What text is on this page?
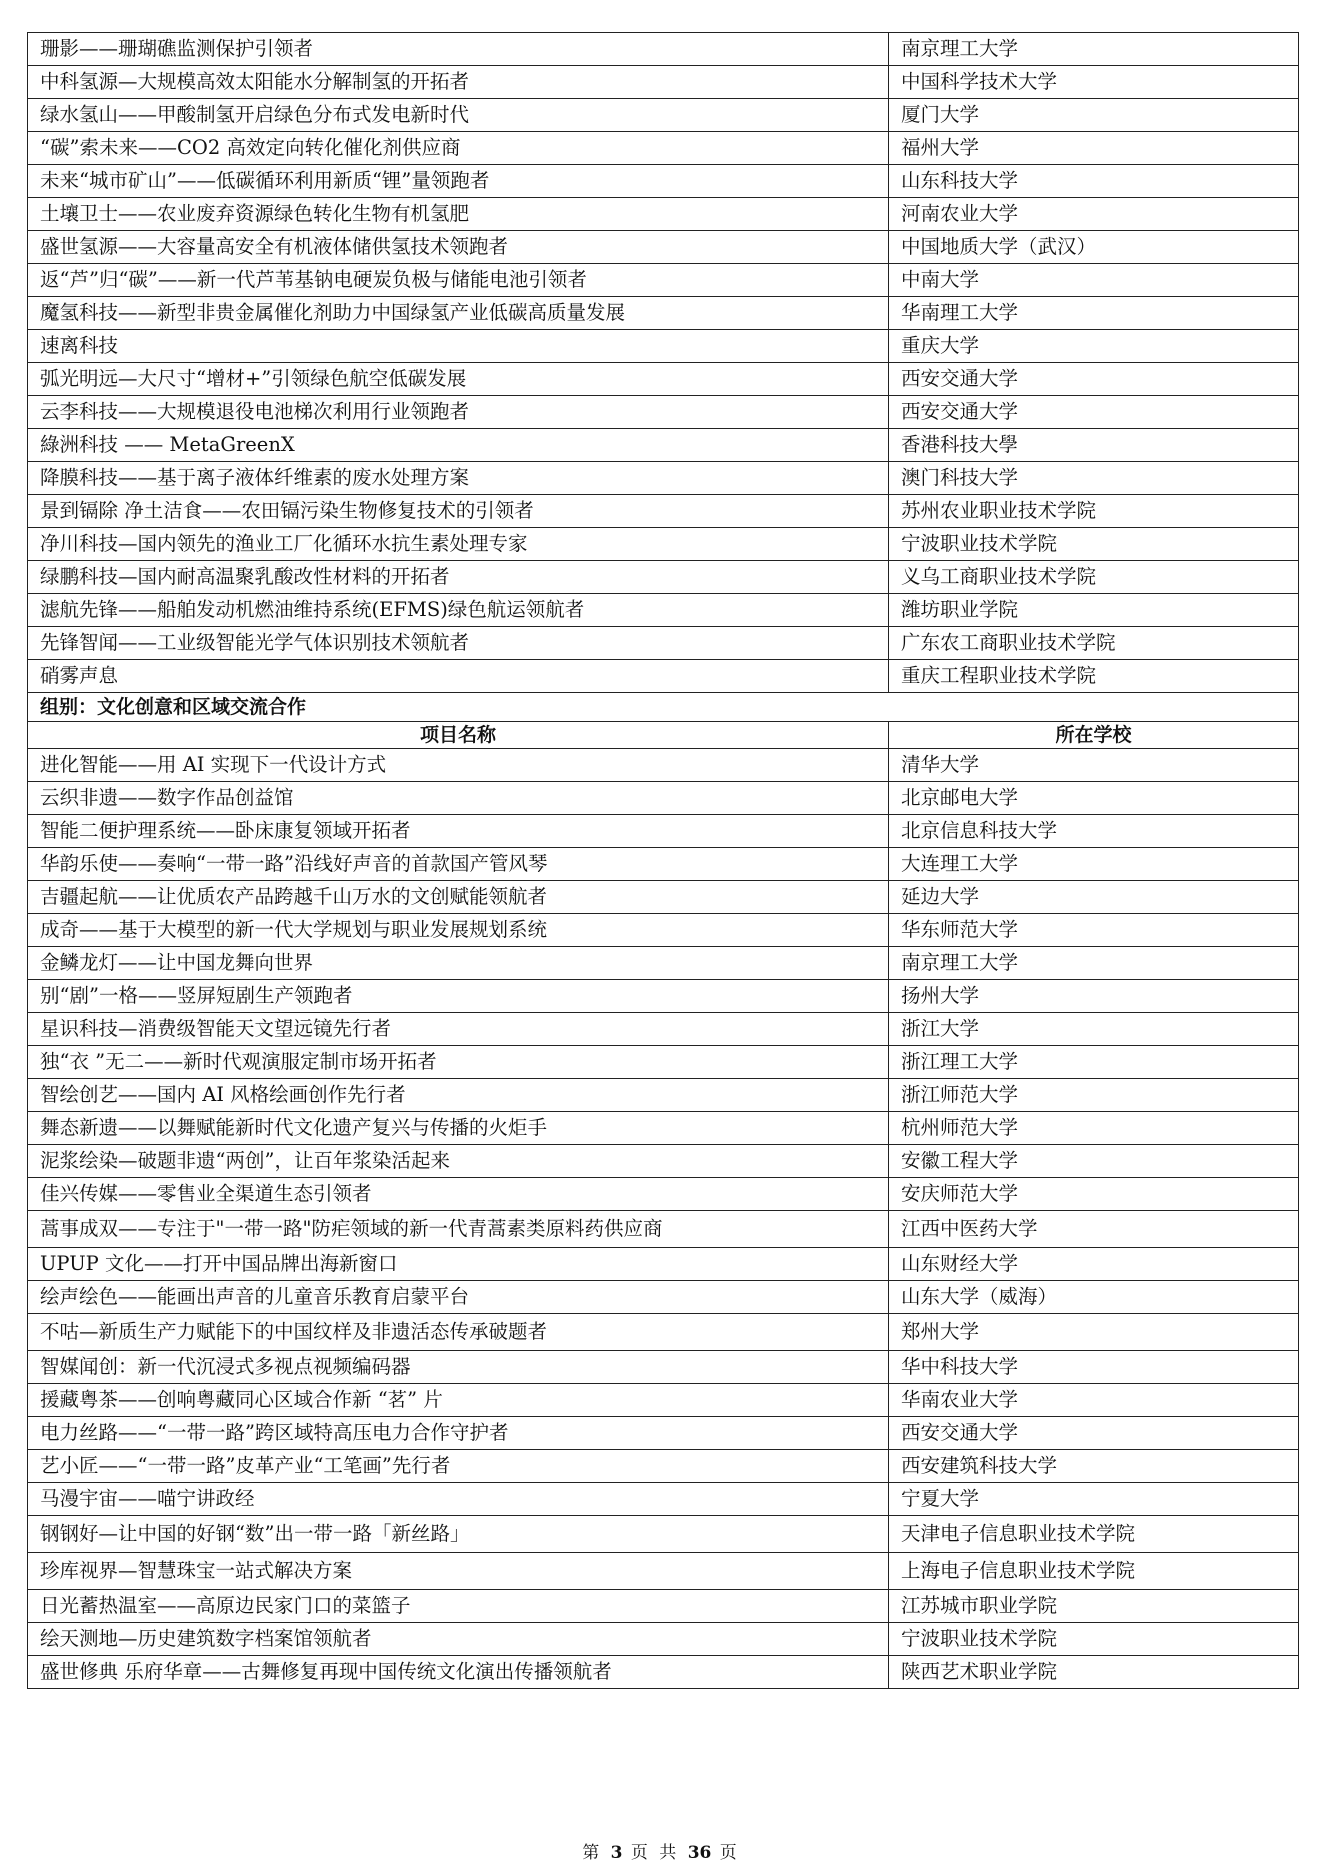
珊影——珊瑚礁监测保护引领者	南京理工大学
中科氢源—大规模高效太阳能水分解制氢的开拓者	中国科学技术大学
绿水氢山——甲酸制氢开启绿色分布式发电新时代	厦门大学
“碳”索未来——CO2 高效定向转化催化剂供应商	福州大学
未来“城市矿山”——低碳循环利用新质“锂”量领跑者	山东科技大学
土壤卫士——农业废弃资源绿色转化生物有机氢肥	河南农业大学
盛世氢源——大容量高安全有机液体储供氢技术领跑者	中国地质大学（武汉）
返“芦”归“碳”——新一代芦苇基钠电硬炭负极与储能电池引领者	中南大学
魔氢科技——新型非贵金属催化剂助力中国绿氢产业低碳高质量发展	华南理工大学
速离科技	重庆大学
弧光明远—大尺寸“增材+”引领绿色航空低碳发展	西安交通大学
云李科技——大规模退役电池梯次利用行业领跑者	西安交通大学
綠洲科技 —— MetaGreenX	香港科技大學
降膜科技——基于离子液体纤维素的废水处理方案	澳门科技大学
景到镉除 净土洁食——农田镉污染生物修复技术的引领者	苏州农业职业技术学院
净川科技—国内领先的渔业工厂化循环水抗生素处理专家	宁波职业技术学院
绿鹏科技—国内耐高温聚乳酸改性材料的开拓者	义乌工商职业技术学院
滤航先锋——船舶发动机燃油维持系统(EFMS)绿色航运领航者	潍坊职业学院
先锋智闻——工业级智能光学气体识别技术领航者	广东农工商职业技术学院
硝雾声息	重庆工程职业技术学院
组别：文化创意和区域交流合作	
项目名称	所在学校
进化智能——用 AI 实现下一代设计方式	清华大学
云织非遗——数字作品创益馆	北京邮电大学
智能二便护理系统——卧床康复领域开拓者	北京信息科技大学
华韵乐使——奏响“一带一路”沿线好声音的首款国产管风琴	大连理工大学
吉疆起航——让优质农产品跨越千山万水的文创赋能领航者	延边大学
成奇——基于大模型的新一代大学规划与职业发展规划系统	华东师范大学
金鳞龙灯——让中国龙舞向世界	南京理工大学
别“剧”一格——竖屏短剧生产领跑者	扬州大学
星识科技—消费级智能天文望远镜先行者	浙江大学
独“衣 ”无二——新时代观演服定制市场开拓者	浙江理工大学
智绘创艺——国内 AI 风格绘画创作先行者	浙江师范大学
舞态新遗——以舞赋能新时代文化遗产复兴与传播的火炬手	杭州师范大学
泥浆绘染—破题非遗“两创”，让百年浆染活起来	安徽工程大学
佳兴传媒——零售业全渠道生态引领者	安庆师范大学
蒿事成双——专注于"一带一路"防疟领域的新一代青蒿素类原料药供应商	江西中医药大学
UPUP 文化——打开中国品牌出海新窗口	山东财经大学
绘声绘色——能画出声音的儿童音乐教育启蒙平台	山东大学（威海）
不咕—新质生产力赋能下的中国纹样及非遗活态传承破题者	郑州大学
智媒闻创：新一代沉浸式多视点视频编码器	华中科技大学
援藏粤茶——创响粤藏同心区域合作新 “茗” 片	华南农业大学
电力丝路——“一带一路”跨区域特高压电力合作守护者	西安交通大学
艺小匠——“一带一路”皮革产业“工笔画”先行者	西安建筑科技大学
马漫宇宙——喵宁讲政经	宁夏大学
钢钢好—让中国的好钢“数”出一带一路「新丝路」	天津电子信息职业技术学院
珍库视界—智慧珠宝一站式解决方案	上海电子信息职业技术学院
日光蓄热温室——高原边民家门口的菜篮子	江苏城市职业学院
绘天测地—历史建筑数字档案馆领航者	宁波职业技术学院
盛世修典 乐府华章——古舞修复再现中国传统文化演出传播领航者	陕西艺术职业学院
第 3 页 共 36 页
